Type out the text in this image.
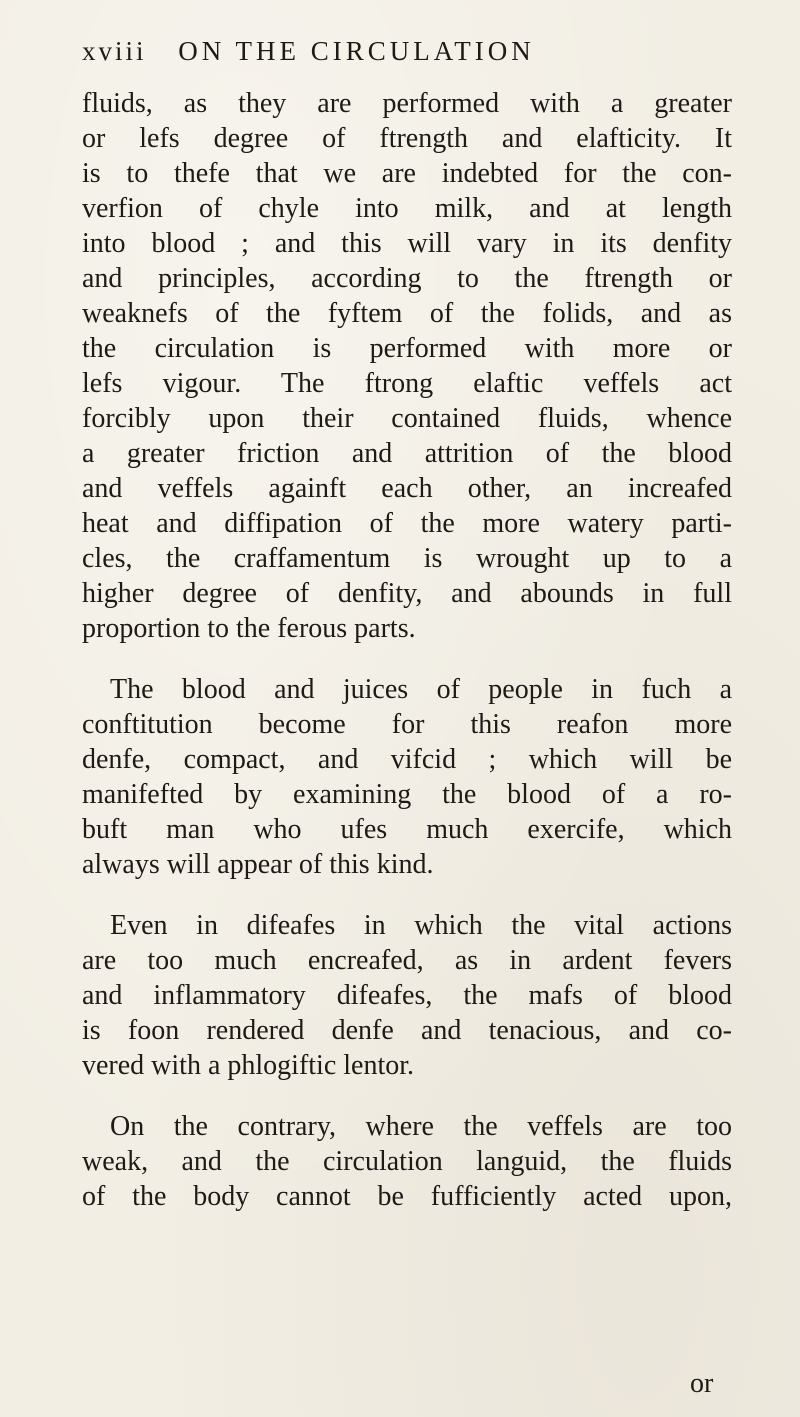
xviii ON THE CIRCULATION
fluids, as they are performed with a greater
or lefs degree of ftrength and elafticity. It
is to thefe that we are indebted for the con-
verfion of chyle into milk, and at length
into blood ; and this will vary in its denfity
and principles, according to the ftrength or
weaknefs of the fyftem of the folids, and as
the circulation is performed with more or
lefs vigour. The ftrong elaftic veffels act
forcibly upon their contained fluids, whence
a greater friction and attrition of the blood
and veffels againft each other, an increafed
heat and diffipation of the more watery parti-
cles, the craffamentum is wrought up to a
higher degree of denfity, and abounds in full
proportion to the ferous parts.
The blood and juices of people in fuch a
conftitution become for this reafon more
denfe, compact, and vifcid ; which will be
manifefted by examining the blood of a ro-
buft man who ufes much exercife, which
always will appear of this kind.
Even in difeafes in which the vital actions
are too much encreafed, as in ardent fevers
and inflammatory difeafes, the mafs of blood
is foon rendered denfe and tenacious, and co-
vered with a phlogiftic lentor.
On the contrary, where the veffels are too
weak, and the circulation languid, the fluids
of the body cannot be fufficiently acted upon,
or
